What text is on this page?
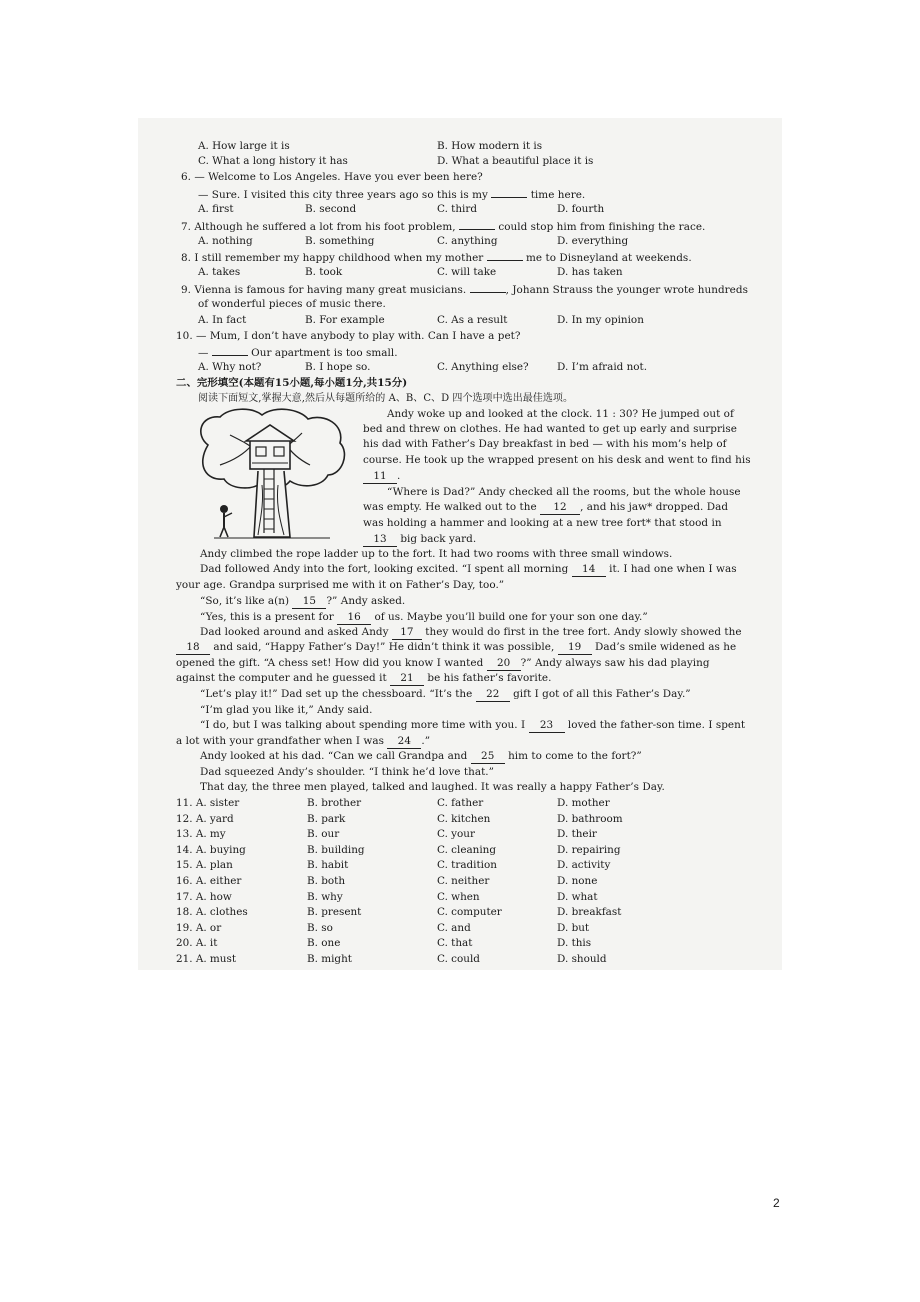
A. How large it is	B. How modern it is
C. What a long history it has	D. What a beautiful place it is
6. — Welcome to Los Angeles. Have you ever been here?
— Sure. I visited this city three years ago so this is my	time here.
A. first	B. second	C. third	D. fourth
7. Although he suffered a lot from his foot problem,	could stop him from finishing the race.
A. nothing	B. something	C. anything	D. everything
8. I still remember my happy childhood when my mother	me to Disneyland at weekends.
A. takes	B. took	C. will take	D. has taken
9. Vienna is famous for having many great musicians.	, Johann Strauss the younger wrote hundreds
of wonderful pieces of music there.
A. In fact	B. For example	C. As a result	D. In my opinion
10. — Mum, I don’t have anybody to play with. Can I have a pet?
—	Our apartment is too small.
A. Why not?	B. I hope so.	C. Anything else?	D. I’m afraid not.
二、完形填空(本题有15小题,每小题1分,共15分)
阅读下面短文,掌握大意,然后从每题所给的 A、B、C、D 四个选项中选出最佳选项。
Andy woke up and looked at the clock. 11 : 30? He jumped out of
bed and threw on clothes. He had wanted to get up early and surprise
his dad with Father’s Day breakfast in bed — with his mom’s help of
course. He took up the wrapped present on his desk and went to find his
11 .
“Where is Dad?” Andy checked all the rooms, but the whole house
was empty. He walked out to the 12 , and his jaw* dropped. Dad
was holding a hammer and looking at a new tree fort* that stood in
13 big back yard.
Andy climbed the rope ladder up to the fort. It had two rooms with three small windows.
Dad followed Andy into the fort, looking excited. “I spent all morning 14 it. I had one when I was
your age. Grandpa surprised me with it on Father’s Day, too.”
“So, it’s like a(n) 15 ?” Andy asked.
“Yes, this is a present for 16 of us. Maybe you’ll build one for your son one day.”
Dad looked around and asked Andy 17 they would do first in the tree fort. Andy slowly showed the
18 and said, “Happy Father’s Day!” He didn’t think it was possible, 19 Dad’s smile widened as he
opened the gift. “A chess set! How did you know I wanted 20 ?” Andy always saw his dad playing
against the computer and he guessed it 21 be his father’s favorite.
“Let’s play it!” Dad set up the chessboard. “It’s the 22 gift I got of all this Father’s Day.”
“I’m glad you like it,” Andy said.
“I do, but I was talking about spending more time with you. I 23 loved the father-son time. I spent
a lot with your grandfather when I was 24 .”
Andy looked at his dad. “Can we call Grandpa and 25 him to come to the fort?”
Dad squeezed Andy’s shoulder. “I think he’d love that.”
That day, the three men played, talked and laughed. It was really a happy Father’s Day.
11. A. sister	B. brother	C. father	D. mother
12. A. yard	B. park	C. kitchen	D. bathroom
13. A. my	B. our	C. your	D. their
14. A. buying	B. building	C. cleaning	D. repairing
15. A. plan	B. habit	C. tradition	D. activity
16. A. either	B. both	C. neither	D. none
17. A. how	B. why	C. when	D. what
18. A. clothes	B. present	C. computer	D. breakfast
19. A. or	B. so	C. and	D. but
20. A. it	B. one	C. that	D. this
21. A. must	B. might	C. could	D. should
2
